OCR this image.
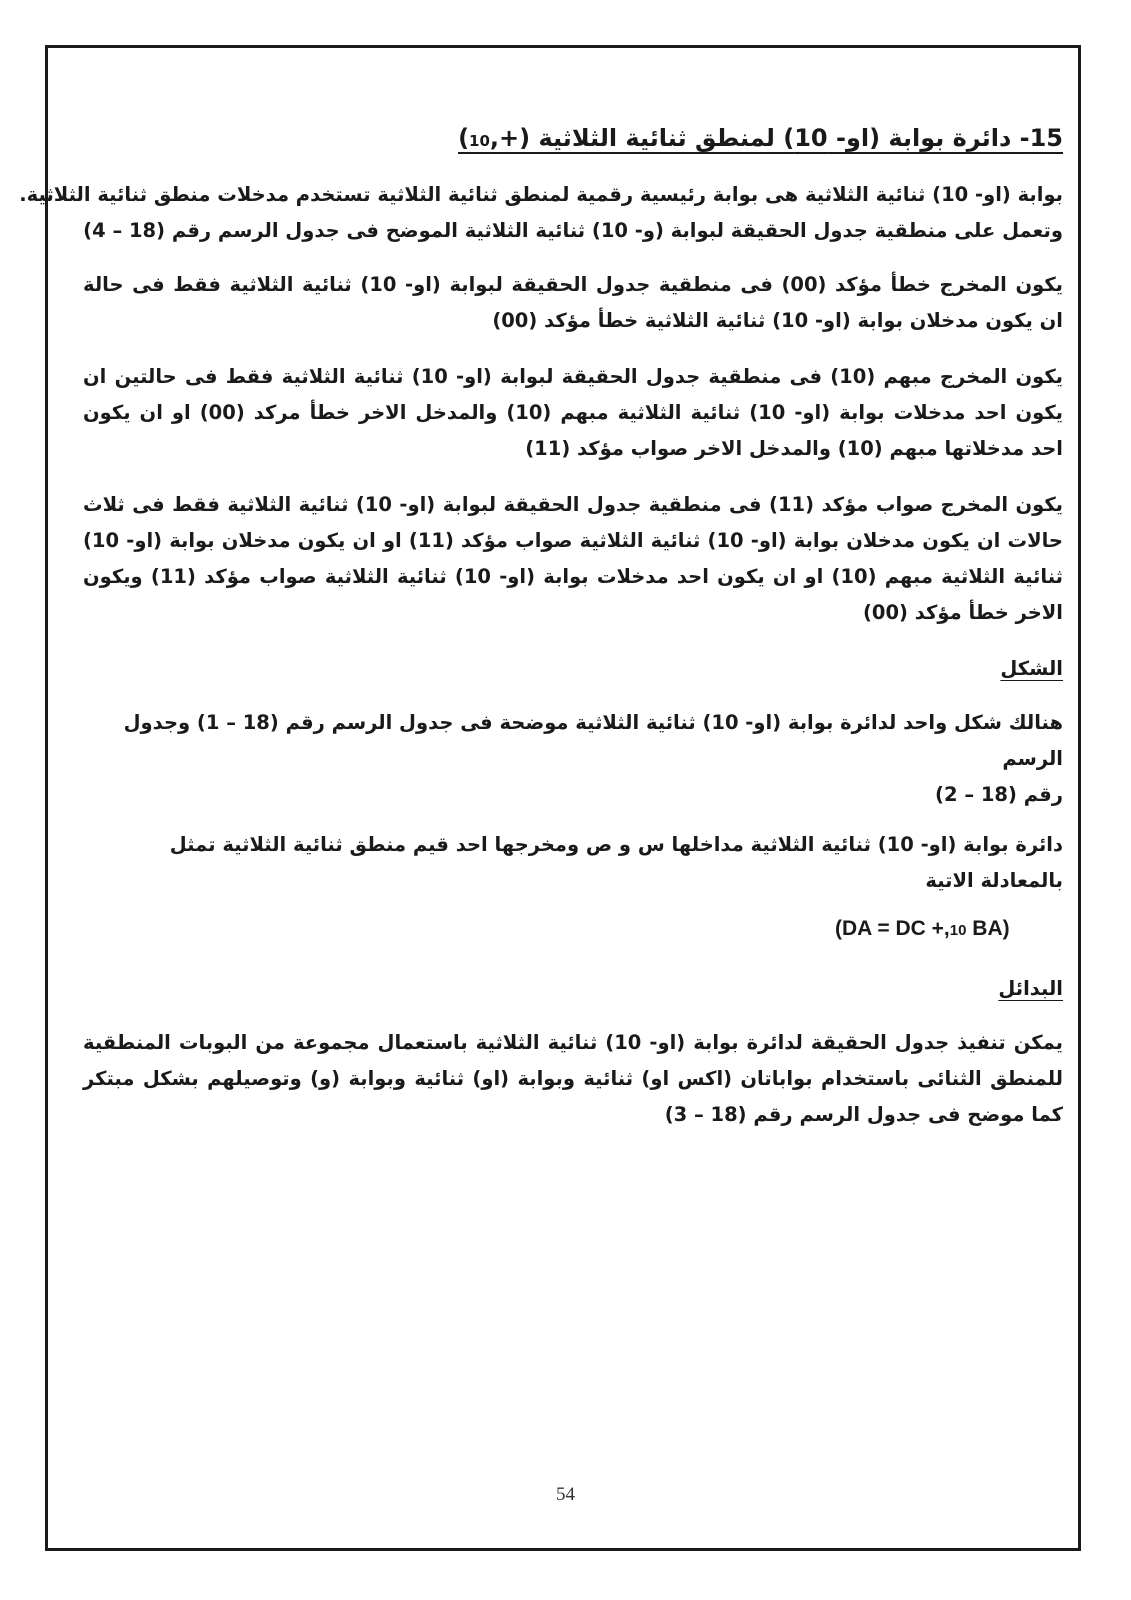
15- دائرة بوابة (او- 10) لمنطق ثنائية الثلاثية (+,10)

بوابة (او- 10) ثنائية الثلاثية هى بوابة رئيسية رقمية لمنطق ثنائية الثلاثية تستخدم مدخلات منطق ثنائية الثلاثية.
وتعمل على منطقية جدول الحقيقة لبوابة (و- 10) ثنائية الثلاثية الموضح فى جدول الرسم رقم (18 – 4)

يكون المخرج خطأ مؤكد (00) فى منطقية جدول الحقيقة لبوابة (او- 10) ثنائية الثلاثية فقط فى حالة ان يكون مدخلان بوابة (او- 10) ثنائية الثلاثية خطأ مؤكد (00)

يكون المخرج مبهم (10) فى منطقية جدول الحقيقة لبوابة (او- 10) ثنائية الثلاثية فقط فى حالتين ان يكون احد مدخلات بوابة (او- 10) ثنائية الثلاثية مبهم (10) والمدخل الاخر خطأ مركد (00) او ان يكون احد مدخلاتها مبهم (10) والمدخل الاخر صواب مؤكد (11)

يكون المخرج صواب مؤكد (11) فى منطقية جدول الحقيقة لبوابة (او- 10) ثنائية الثلاثية فقط فى ثلاث حالات ان يكون مدخلان بوابة (او- 10) ثنائية الثلاثية صواب مؤكد (11) او ان يكون مدخلان بوابة (او- 10) ثنائية الثلاثية مبهم (10) او ان يكون احد مدخلات بوابة (او- 10) ثنائية الثلاثية صواب مؤكد (11) ويكون الاخر خطأ مؤكد (00)

الشكل

هنالك شكل واحد لدائرة بوابة (او- 10) ثنائية الثلاثية موضحة فى جدول الرسم رقم (18 – 1) وجدول الرسم
رقم (18 – 2)

دائرة بوابة (او- 10) ثنائية الثلاثية مداخلها س و ص ومخرجها احد قيم منطق ثنائية الثلاثية تمثل بالمعادلة الاتية

(DA = DC +,10 BA)
البدائل

يمكن تنفيذ جدول الحقيقة لدائرة بوابة (او- 10) ثنائية الثلاثية باستعمال مجموعة من البوبات المنطقية للمنطق الثنائى باستخدام بواباتان (اكس او) ثنائية وبوابة (او) ثنائية وبوابة (و) وتوصيلهم بشكل مبتكر كما موضح فى جدول الرسم رقم (18 – 3)

54
